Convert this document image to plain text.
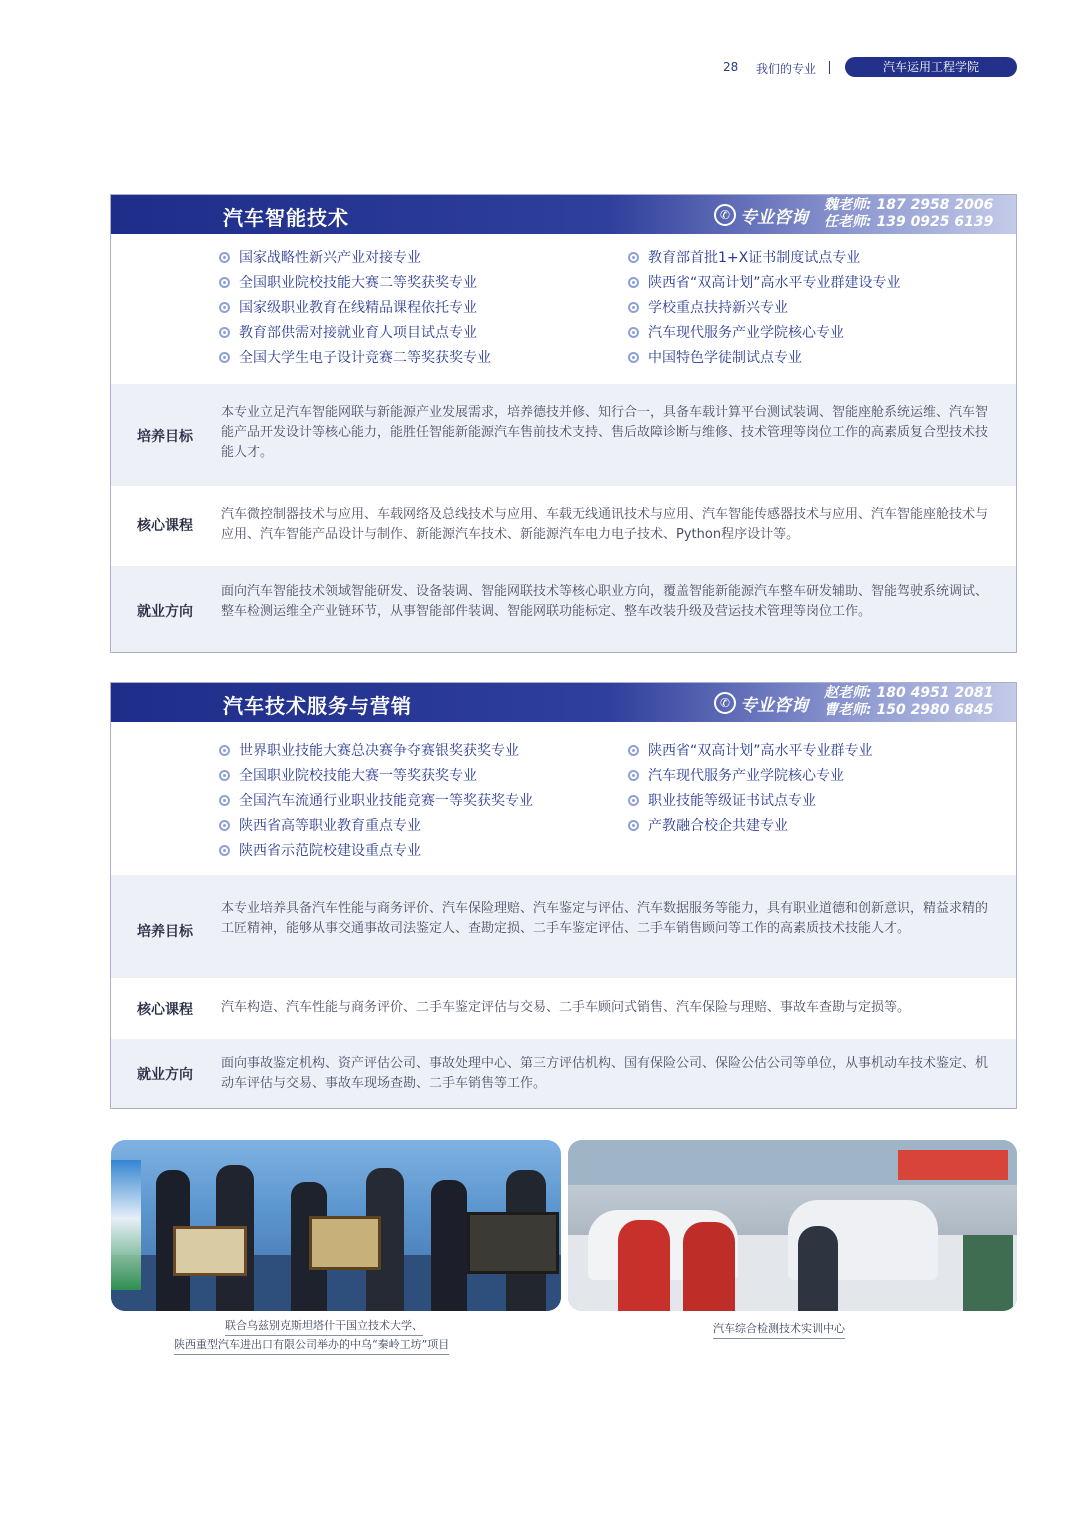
28 我们的专业	汽车运用工程学院
汽车智能技术	✆ 专业咨询
魏老师: 187 2958 2006
任老师: 139 0925 6139
国家战略性新兴产业对接专业
全国职业院校技能大赛二等奖获奖专业
国家级职业教育在线精品课程依托专业
教育部供需对接就业育人项目试点专业
全国大学生电子设计竞赛二等奖获奖专业
教育部首批1+X证书制度试点专业
陕西省“双高计划”高水平专业群建设专业
学校重点扶持新兴专业
汽车现代服务产业学院核心专业
中国特色学徒制试点专业
培养目标

本专业立足汽车智能网联与新能源产业发展需求，培养德技并修、知行合一，具备车载计算平台测试装调、智能座舱系统运维、汽车智能产品开发设计等核心能力，能胜任智能新能源汽车售前技术支持、售后故障诊断与维修、技术管理等岗位工作的高素质复合型技术技能人才。

核心课程

汽车微控制器技术与应用、车载网络及总线技术与应用、车载无线通讯技术与应用、汽车智能传感器技术与应用、汽车智能座舱技术与应用、汽车智能产品设计与制作、新能源汽车技术、新能源汽车电力电子技术、Python程序设计等。

就业方向

面向汽车智能技术领域智能研发、设备装调、智能网联技术等核心职业方向，覆盖智能新能源汽车整车研发辅助、智能驾驶系统调试、整车检测运维全产业链环节，从事智能部件装调、智能网联功能标定、整车改装升级及营运技术管理等岗位工作。

汽车技术服务与营销	✆ 专业咨询
赵老师: 180 4951 2081
曹老师: 150 2980 6845
世界职业技能大赛总决赛争夺赛银奖获奖专业
全国职业院校技能大赛一等奖获奖专业
全国汽车流通行业职业技能竞赛一等奖获奖专业
陕西省高等职业教育重点专业
陕西省示范院校建设重点专业
陕西省“双高计划”高水平专业群专业
汽车现代服务产业学院核心专业
职业技能等级证书试点专业
产教融合校企共建专业
培养目标

本专业培养具备汽车性能与商务评价、汽车保险理赔、汽车鉴定与评估、汽车数据服务等能力，具有职业道德和创新意识，精益求精的工匠精神，能够从事交通事故司法鉴定人、查勘定损、二手车鉴定评估、二手车销售顾问等工作的高素质技术技能人才。

核心课程 汽车构造、汽车性能与商务评价、二手车鉴定评估与交易、二手车顾问式销售、汽车保险与理赔、事故车查勘与定损等。

就业方向

面向事故鉴定机构、资产评估公司、事故处理中心、第三方评估机构、国有保险公司、保险公估公司等单位，从事机动车技术鉴定、机动车评估与交易、事故车现场查勘、二手车销售等工作。

联合乌兹别克斯坦塔什干国立技术大学、
陕西重型汽车进出口有限公司举办的中乌“秦岭工坊”项目
汽车综合检测技术实训中心
